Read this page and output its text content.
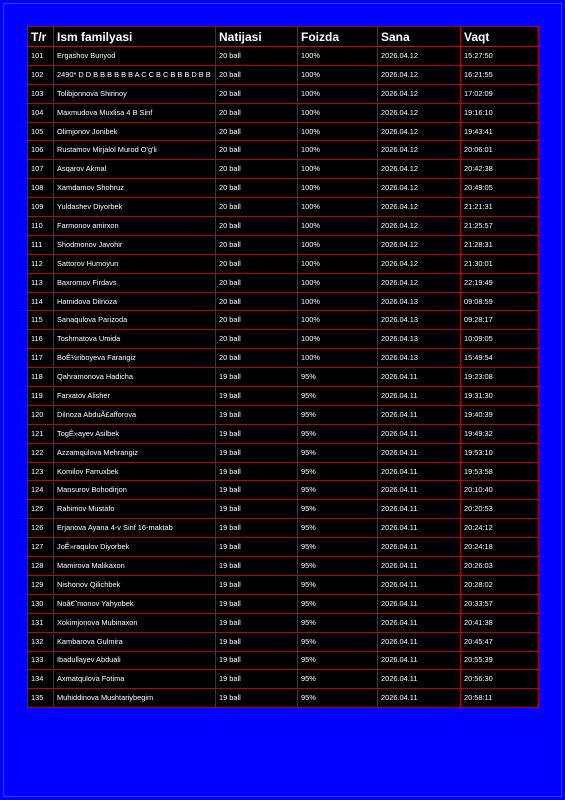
T/r	Ism familyasi	Natijasi	Foizda	Sana	Vaqt
101	Ergashov Bunyod	20 ball	100%	2026.04.12	15:27:50
102	2490* D D B B B B B B A C C B C B B B D B B	20 ball	100%	2026.04.12	16:21:55
103	Tolibjonnova Shirinoy	20 ball	100%	2026.04.12	17:02:09
104	Maxmudova Muxlisa 4 B Sinf	20 ball	100%	2026.04.12	19:16:10
105	Olimjonov Jonibek	20 ball	100%	2026.04.12	19:43:41
106	Rustamov Mirjalol Murod O'g'li	20 ball	100%	2026.04.12	20:06:01
107	Asqarov Akmal	20 ball	100%	2026.04.12	20:42:38
108	Xamdamov Shohruz	20 ball	100%	2026.04.12	20:49:05
109	Yuldashev Diyorbek	20 ball	100%	2026.04.12	21:21:31
110	Farmonov amirxon	20 ball	100%	2026.04.12	21:25:57
111	Shodmonov Javohir	20 ball	100%	2026.04.12	21:28:31
112	Sattorov Humoyun	20 ball	100%	2026.04.12	21:30:01
113	Baxromov Firdavs	20 ball	100%	2026.04.12	22:19:49
114	Hamidova Dilnoza	20 ball	100%	2026.04.13	09:08:59
115	Sanaqulova Parizoda	20 ball	100%	2026.04.13	09:28:17
116	Toshmatova Umida	20 ball	100%	2026.04.13	10:09:05
117	BoÊ½riboyeva Farangiz	20 ball	100%	2026.04.13	15:49:54
118	Qahramonova Hadicha	19 ball	95%	2026.04.11	19:23:08
119	Farxatov Alisher	19 ball	95%	2026.04.11	19:31:30
120	Dilnoza AbduÃ£afforova	19 ball	95%	2026.04.11	19:40:39
121	TogÊ»ayev Asilbek	19 ball	95%	2026.04.11	19:49:32
122	Azzamqulova Mehrangiz	19 ball	95%	2026.04.11	19:53:10
123	Komilov Farruxbek	19 ball	95%	2026.04.11	19:53:58
124	Mansurov Bohodirjon	19 ball	95%	2026.04.11	20:10:40
125	Rahimov Mustafo	19 ball	95%	2026.04.11	20:20:53
126	Erjanova Ayana 4-v Sinf 16-maktab	19 ball	95%	2026.04.11	20:24:12
127	JoÊ»raqulov Diyorbek	19 ball	95%	2026.04.11	20:24:18
128	Mamirova Malikaxon	19 ball	95%	2026.04.11	20:26:03
129	Nishonov Qilichbek	19 ball	95%	2026.04.11	20:28:02
130	Noâ€˜monov Yahyobek	19 ball	95%	2026.04.11	20:33:57
131	Xokimjonova Mubinaxon	19 ball	95%	2026.04.11	20:41:38
132	Kambarova Gulmira	19 ball	95%	2026.04.11	20:45:47
133	Ibadullayev Abduali	19 ball	95%	2026.04.11	20:55:39
134	Axmatqulova Fotima	19 ball	95%	2026.04.11	20:56:30
135	Muhiddinova Mushtariybegim	19 ball	95%	2026.04.11	20:58:11
